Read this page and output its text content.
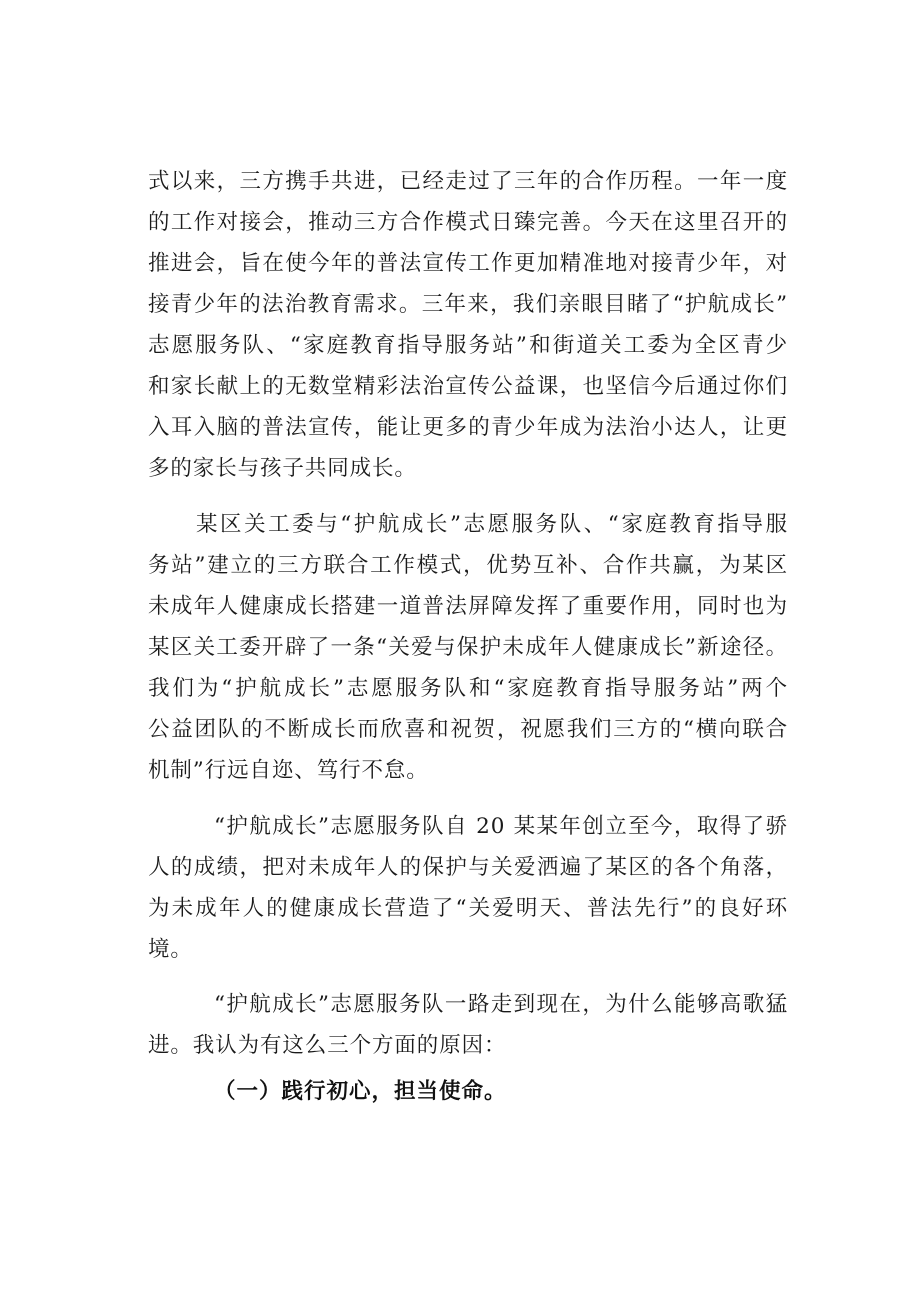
式以来，三方携手共进，已经走过了三年的合作历程。一年一度
的工作对接会，推动三方合作模式日臻完善。今天在这里召开的
推进会，旨在使今年的普法宣传工作更加精准地对接青少年，对
接青少年的法治教育需求。三年来，我们亲眼目睹了“护航成长”
志愿服务队、“家庭教育指导服务站”和街道关工委为全区青少
和家长献上的无数堂精彩法治宣传公益课，也坚信今后通过你们
入耳入脑的普法宣传，能让更多的青少年成为法治小达人，让更
多的家长与孩子共同成长。
某区关工委与“护航成长”志愿服务队、“家庭教育指导服
务站”建立的三方联合工作模式，优势互补、合作共赢，为某区
未成年人健康成长搭建一道普法屏障发挥了重要作用，同时也为
某区关工委开辟了一条“关爱与保护未成年人健康成长”新途径。
我们为“护航成长”志愿服务队和“家庭教育指导服务站”两个
公益团队的不断成长而欣喜和祝贺，祝愿我们三方的“横向联合
机制”行远自迩、笃行不怠。
“护航成长”志愿服务队自 20 某某年创立至今，取得了骄
人的成绩，把对未成年人的保护与关爱洒遍了某区的各个角落，
为未成年人的健康成长营造了“关爱明天、普法先行”的良好环
境。
“护航成长”志愿服务队一路走到现在，为什么能够高歌猛
进。我认为有这么三个方面的原因：
（一）践行初心，担当使命。
